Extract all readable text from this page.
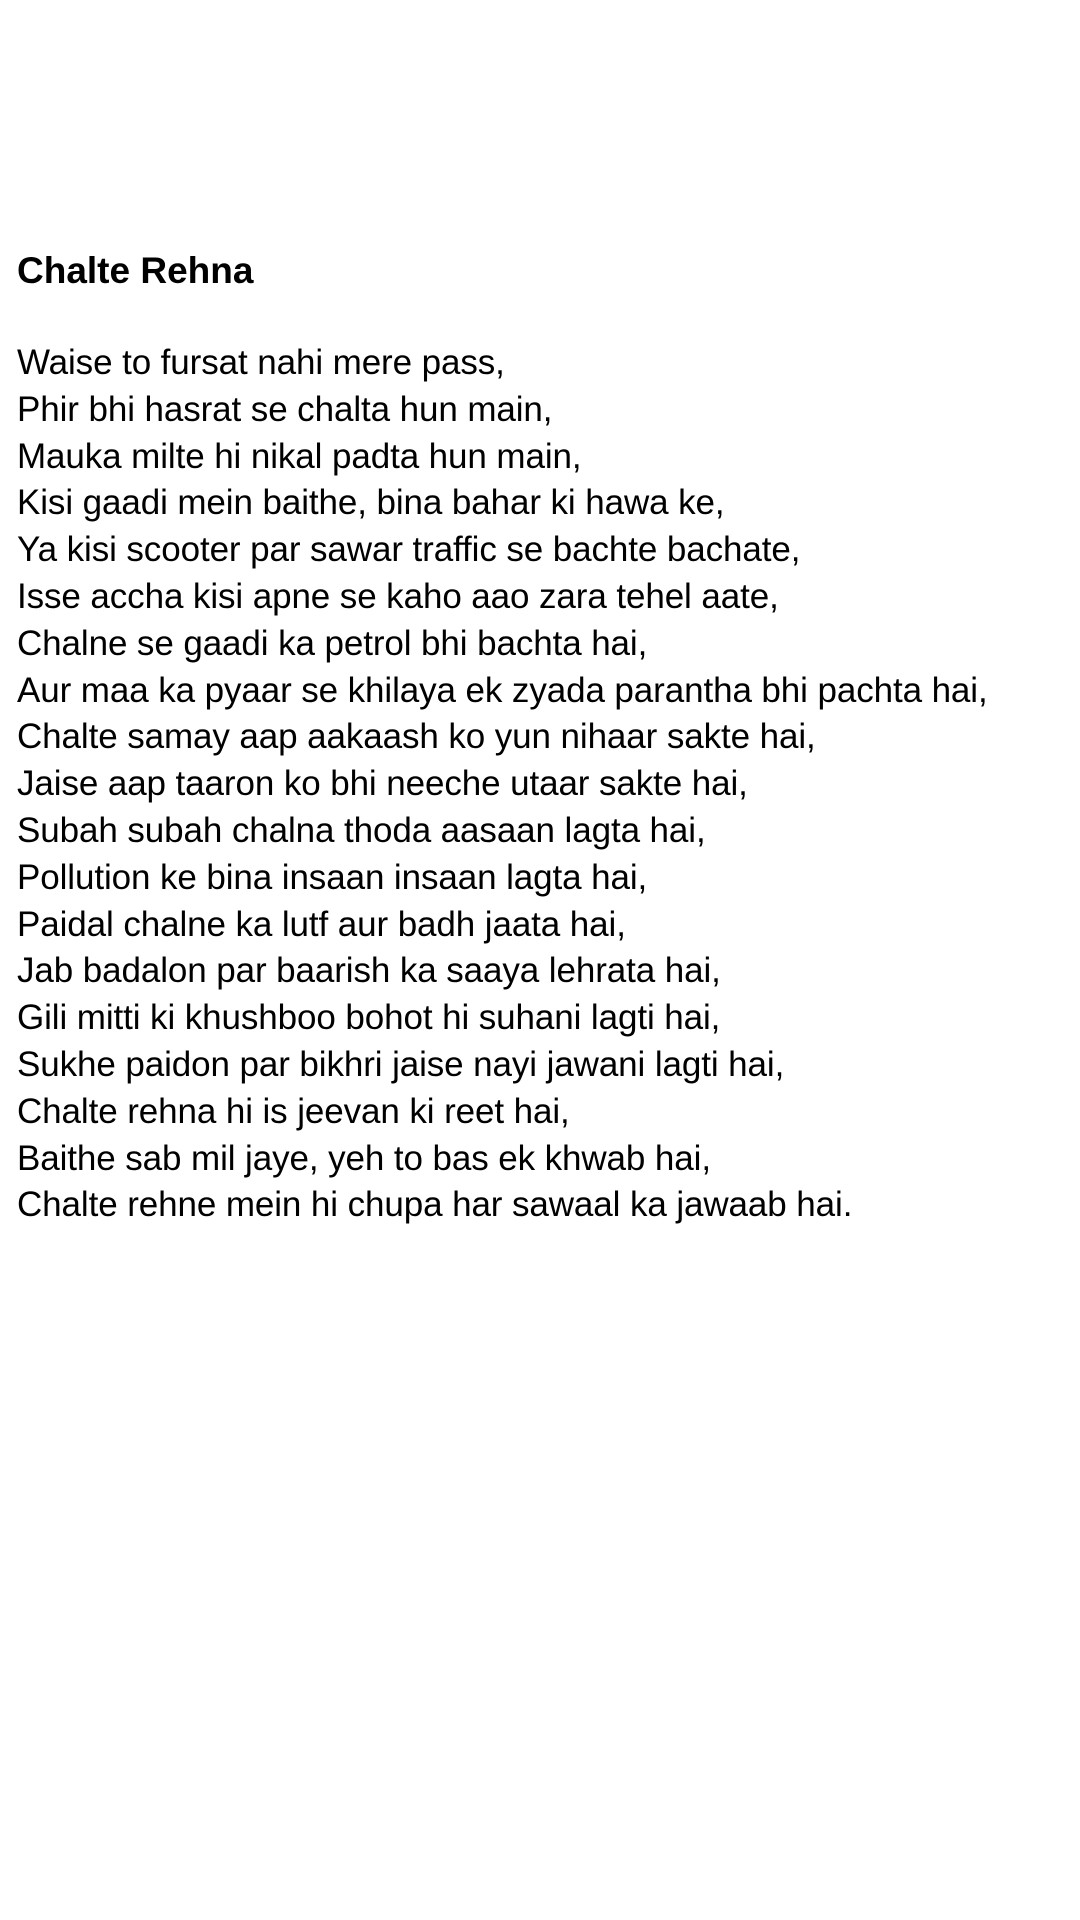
Chalte Rehna
Waise to fursat nahi mere pass,
Phir bhi hasrat se chalta hun main,
Mauka milte hi nikal padta hun main,
Kisi gaadi mein baithe, bina bahar ki hawa ke,
Ya kisi scooter par sawar traffic se bachte bachate,
Isse accha kisi apne se kaho aao zara tehel aate,
Chalne se gaadi ka petrol bhi bachta hai,
Aur maa ka pyaar se khilaya ek zyada parantha bhi pachta hai,
Chalte samay aap aakaash ko yun nihaar sakte hai,
Jaise aap taaron ko bhi neeche utaar sakte hai,
Subah subah chalna thoda aasaan lagta hai,
Pollution ke bina insaan insaan lagta hai,
Paidal chalne ka lutf aur badh jaata hai,
Jab badalon par baarish ka saaya lehrata hai,
Gili mitti ki khushboo bohot hi suhani lagti hai,
Sukhe paidon par bikhri jaise nayi jawani lagti hai,
Chalte rehna hi is jeevan ki reet hai,
Baithe sab mil jaye, yeh to bas ek khwab hai,
Chalte rehne mein hi chupa har sawaal ka jawaab hai.
